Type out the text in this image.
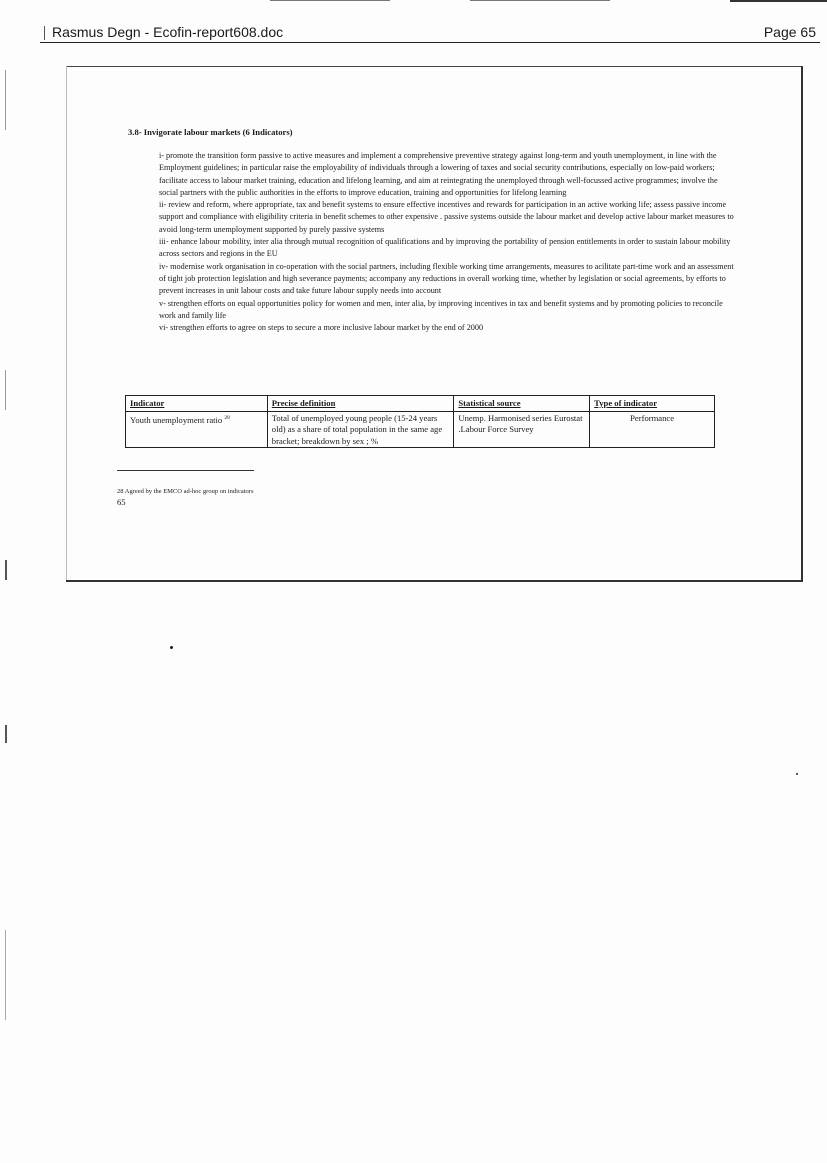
Rasmus Degn - Ecofin-report608.doc	Page 65
3.8- Invigorate labour markets (6 Indicators)

i- promote the transition form passive to active measures and implement a comprehensive preventive strategy against long-term and youth unemployment, in line with the Employment guidelines; in particular raise the employability of individuals through a lowering of taxes and social security contributions, especially on low-paid workers; facilitate access to labour market training, education and lifelong learning, and aim at reintegrating the unemployed through well-focussed active programmes; involve the social partners with the public authorities in the efforts to improve education, training and opportunities for lifelong learning

ii- review and reform, where appropriate, tax and benefit systems to ensure effective incentives and rewards for participation in an active working life; assess passive income support and compliance with eligibility criteria in benefit schemes to other expensive . passive systems outside the labour market and develop active labour market measures to avoid long-term unemployment supported by purely passive systems

iii- enhance labour mobility, inter alia through mutual recognition of qualifications and by improving the portability of pension entitlements in order to sustain labour mobility across sectors and regions in the EU

iv- modernise work organisation in co-operation with the social partners, including flexible working time arrangements, measures to acilitate part-time work and an assessment of tight job protection legislation and high severance payments; accompany any reductions in overall working time, whether by legislation or social agreements, by efforts to prevent increases in unit labour costs and take future labour supply needs into account

v- strengthen efforts on equal opportunities policy for women and men, inter alia, by improving incentives in tax and benefit systems and by promoting policies to reconcile work and family life

vi- strengthen efforts to agree on steps to secure a more inclusive labour market by the end of 2000

Indicator	Precise definition	Statistical source	Type of indicator
Youth unemployment ratio $^{28}$	Total of unemployed young people (15-24 years old) as a share of total population in the same age bracket; breakdown by sex ; %	Unemp. Harmonised series Eurostat .Labour Force Survey	Performance
28 Agreed by the EMCO ad-hoc group on indicators
65
